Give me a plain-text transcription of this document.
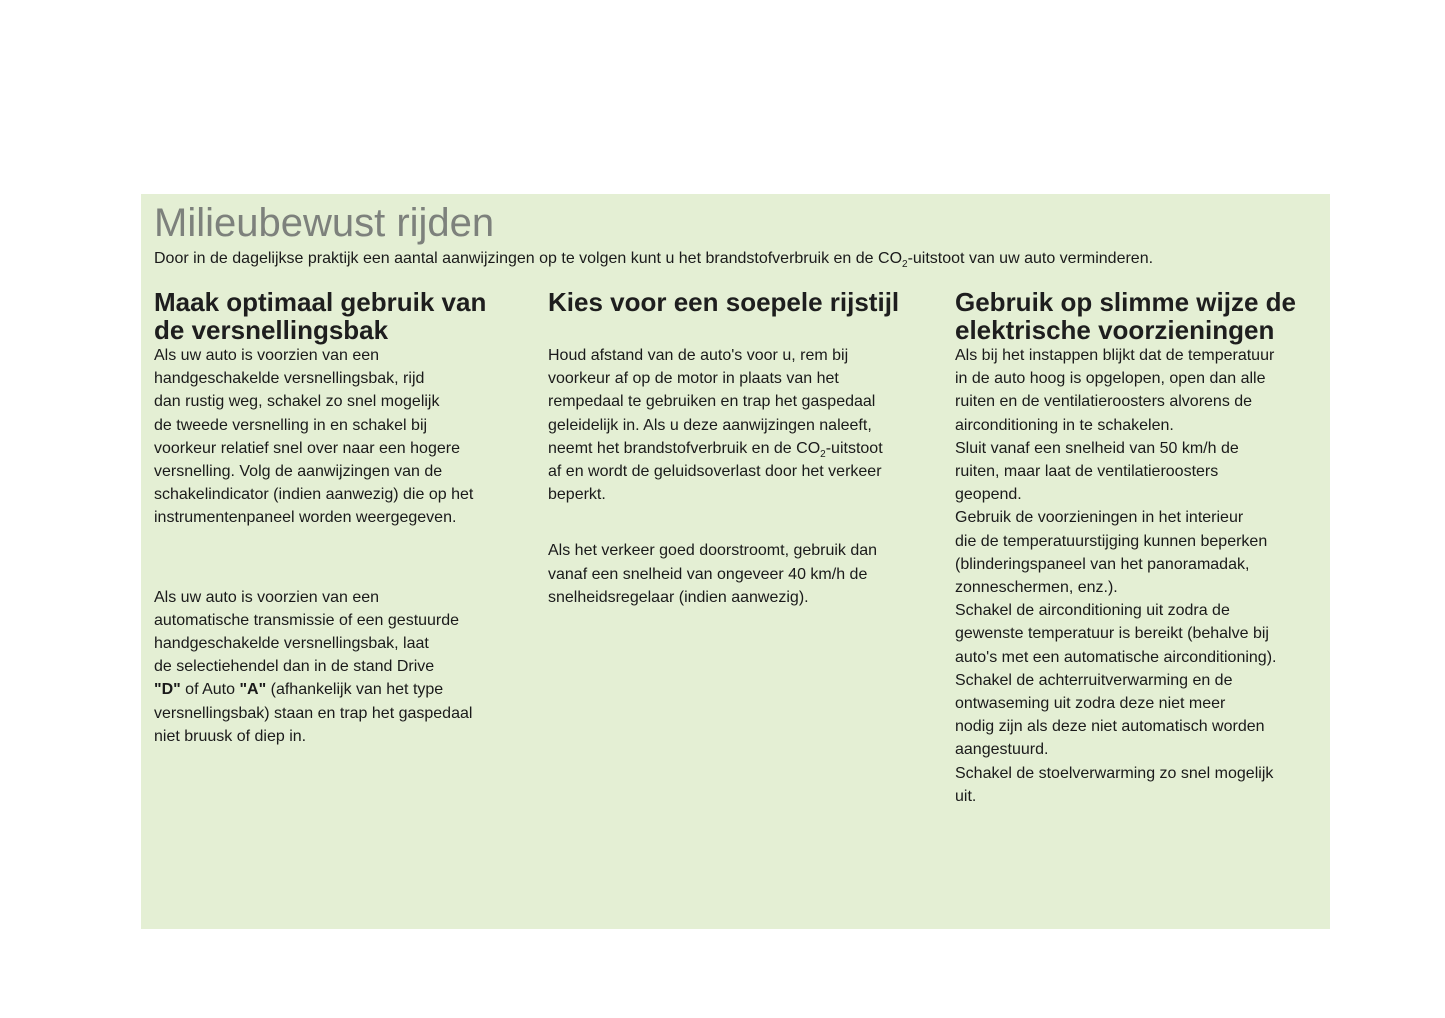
Milieubewust rijden

Door in de dagelijkse praktijk een aantal aanwijzingen op te volgen kunt u het brandstofverbruik en de $CO_2$-uitstoot van uw auto verminderen.

Maak optimaal gebruik van
de versnellingsbak

Als uw auto is voorzien van een
handgeschakelde versnellingsbak, rijd
dan rustig weg, schakel zo snel mogelijk
de tweede versnelling in en schakel bij
voorkeur relatief snel over naar een hogere
versnelling. Volg de aanwijzingen van de
schakelindicator (indien aanwezig) die op het
instrumentenpaneel worden weergegeven.

Als uw auto is voorzien van een
automatische transmissie of een gestuurde
handgeschakelde versnellingsbak, laat
de selectiehendel dan in de stand Drive
"D" of Auto "A" (afhankelijk van het type
versnellingsbak) staan en trap het gaspedaal
niet bruusk of diep in.

Kies voor een soepele rijstijl

Houd afstand van de auto's voor u, rem bij
voorkeur af op de motor in plaats van het
rempedaal te gebruiken en trap het gaspedaal
geleidelijk in. Als u deze aanwijzingen naleeft,
neemt het brandstofverbruik en de $CO_2$-uitstoot
af en wordt de geluidsoverlast door het verkeer
beperkt.

Als het verkeer goed doorstroomt, gebruik dan
vanaf een snelheid van ongeveer 40 km/h de
snelheidsregelaar (indien aanwezig).

Gebruik op slimme wijze de
elektrische voorzieningen

Als bij het instappen blijkt dat de temperatuur
in de auto hoog is opgelopen, open dan alle
ruiten en de ventilatieroosters alvorens de
airconditioning in te schakelen.
Sluit vanaf een snelheid van 50 km/h de
ruiten, maar laat de ventilatieroosters
geopend.
Gebruik de voorzieningen in het interieur
die de temperatuurstijging kunnen beperken
(blinderingspaneel van het panoramadak,
zonneschermen, enz.).
Schakel de airconditioning uit zodra de
gewenste temperatuur is bereikt (behalve bij
auto's met een automatische airconditioning).
Schakel de achterruitverwarming en de
ontwaseming uit zodra deze niet meer
nodig zijn als deze niet automatisch worden
aangestuurd.
Schakel de stoelverwarming zo snel mogelijk
uit.
